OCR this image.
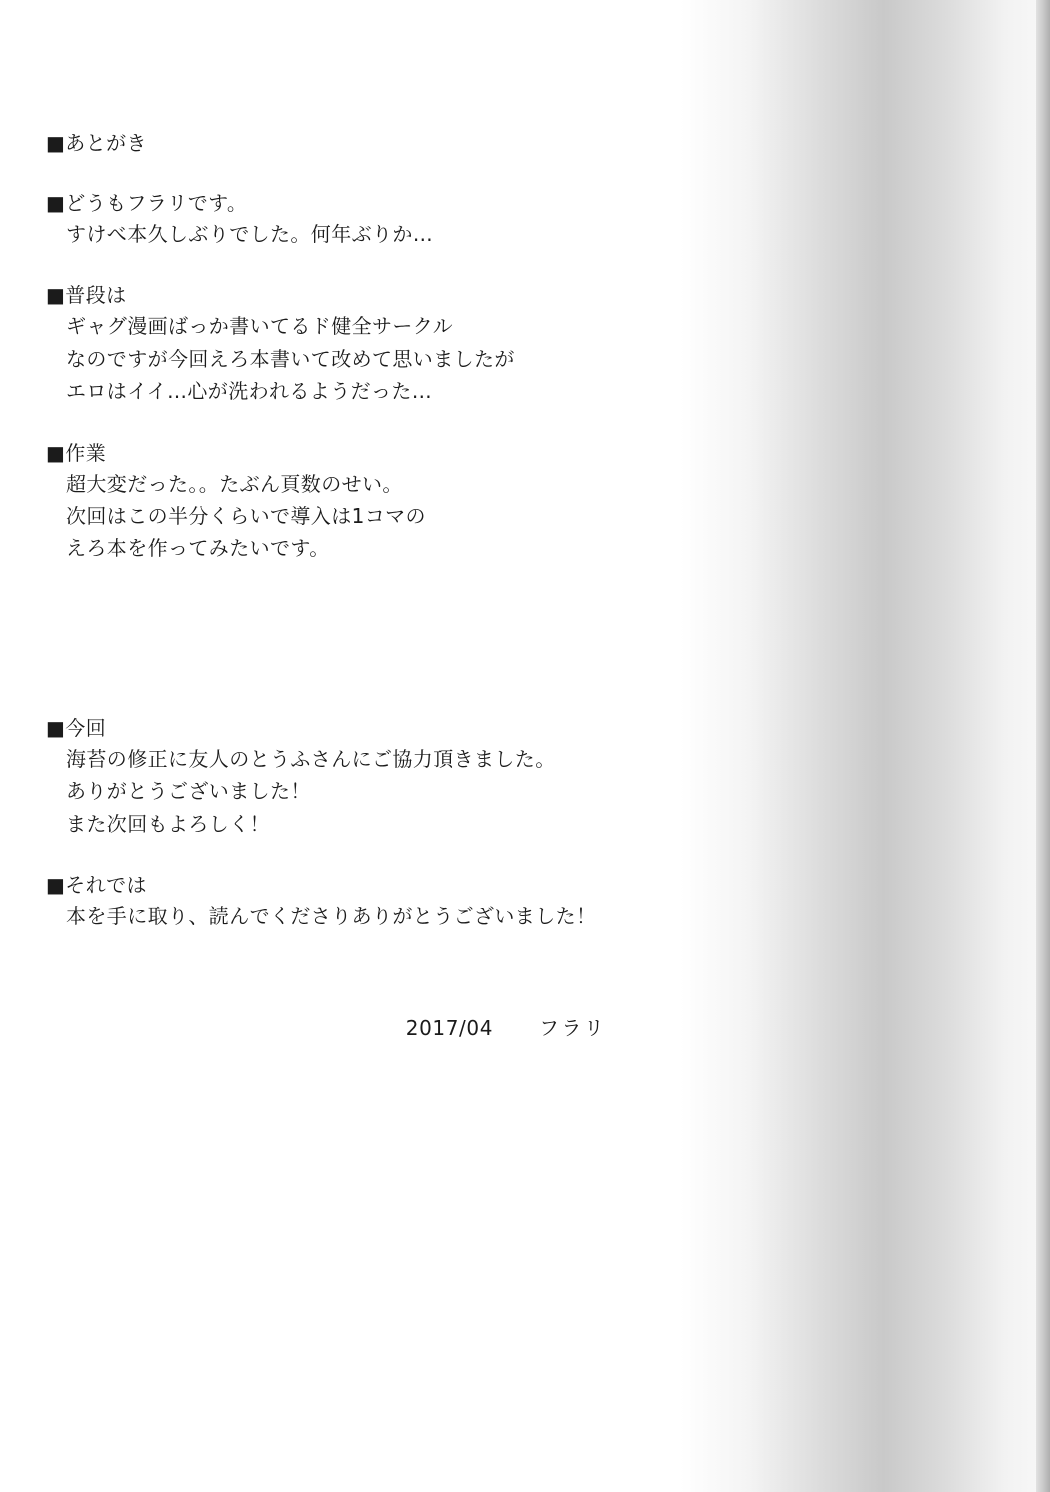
■あとがき
■どうもフラリです。
すけべ本久しぶりでした。何年ぶりか…
■普段は
ギャグ漫画ばっか書いてるド健全サークル
なのですが今回えろ本書いて改めて思いましたが
エロはイイ…心が洗われるようだった…
■作業
超大変だった。。たぶん頁数のせい。
次回はこの半分くらいで導入は1コマの
えろ本を作ってみたいです。
■今回
海苔の修正に友人のとうふさんにご協力頂きました。
ありがとうございました！
また次回もよろしく！
■それでは
本を手に取り、読んでくださりありがとうございました！

2017/04 フラリ
